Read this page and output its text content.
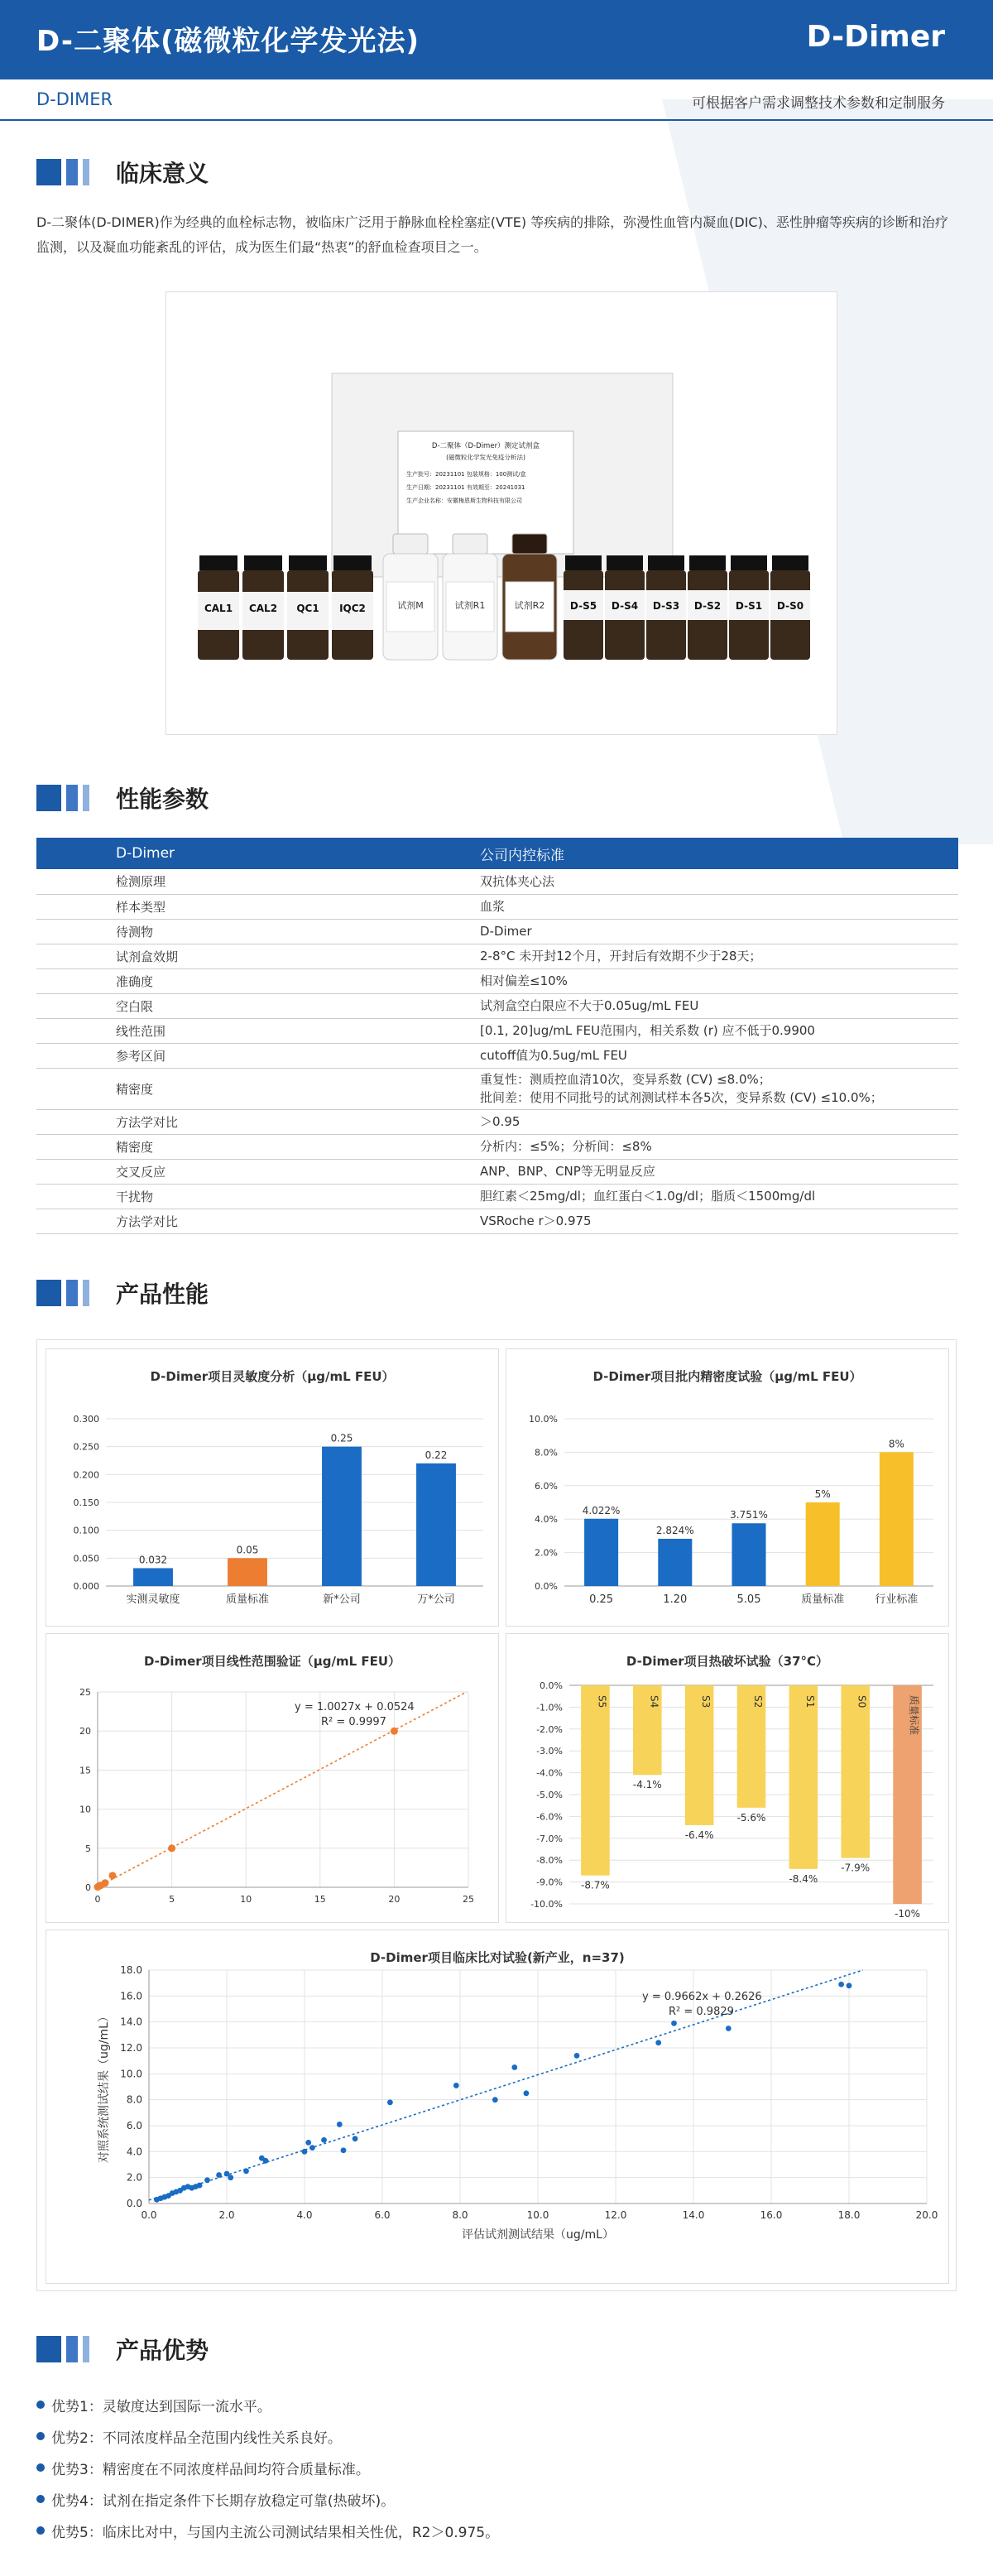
D-二聚体(磁微粒化学发光法)	D-Dimer
D-DIMER	可根据客户需求调整技术参数和定制服务
临床意义
D-二聚体(D-DIMER)作为经典的血栓标志物，被临床广泛用于静脉血栓栓塞症(VTE) 等疾病的排除，弥漫性血管内凝血(DIC)、恶性肿瘤等疾病的诊断和治疗监测，以及凝血功能紊乱的评估，成为医生们最“热衷”的舒血检查项目之一。
D-二聚体（D-Dimer）测定试剂盒
(磁微粒化学发光免疫分析法)
生产批号：20231101 包装规格：100测试/盒
生产日期：20231101 有效期至：20241031
生产企业名称：安徽梅恩斯生物科技有限公司
CAL1 CAL2 QC1 IQC2	试剂M	试剂R1	试剂R2	D-S5 D-S4 D-S3 D-S2 D-S1 D-S0
性能参数
D-Dimer	公司内控标准
检测原理	双抗体夹心法

样本类型	血浆

待测物	D-Dimer

试剂盒效期	2-8°C 未开封12个月，开封后有效期不少于28天；

准确度	相对偏差≤10%

空白限	试剂盒空白限应不大于0.05ug/mL FEU

线性范围	[0.1, 20]ug/mL FEU范围内，相关系数 (r) 应不低于0.9900

参考区间	cutoff值为0.5ug/mL FEU

精密度	重复性：测质控血清10次，变异系数 (CV) ≤8.0%；
批间差：使用不同批号的试剂测试样本各5次，变异系数 (CV) ≤10.0%；

方法学对比	＞0.95

精密度	分析内：≤5%；分析间：≤8%

交叉反应	ANP、BNP、CNP等无明显反应

干扰物	胆红素＜25mg/dl；血红蛋白＜1.0g/dl；脂质＜1500mg/dl

方法学对比	VSRoche r＞0.975
产品性能
D-Dimer项目灵敏度分析（μg/mL FEU）
0.000
0.050
0.100
0.150
0.200
0.250
0.300
0.032
实测灵敏度
0.05
质量标准
0.25
新*公司
0.22
万*公司
D-Dimer项目批内精密度试验（μg/mL FEU）
0.0%
2.0%
4.0%
6.0%
8.0%
10.0%
4.022%
0.25
2.824%
1.20
3.751%
5.05
5%
质量标准
8%
行业标准
D-Dimer项目线性范围验证（μg/mL FEU）
0
5
10
15
20
25
0	5	10	15	20	25
y = 1.0027x + 0.0524
R² = 0.9997
D-Dimer项目热破坏试验（37°C）
0.0%
-1.0%
-2.0%
-3.0%
-4.0%
-5.0%
-6.0%
-7.0%
-8.0%
-9.0%
-10.0%
S5
-8.7%
S4
-4.1%
S3
-6.4%
S2
-5.6%
S1
-8.4%
S0
-7.9%
质量标准
-10%
D-Dimer项目临床比对试验(新产业，n=37)
0.0
2.0
4.0
6.0
8.0
10.0
12.0
14.0
16.0
18.0
0.0	2.0	4.0	6.0	8.0	10.0	12.0	14.0	16.0	18.0	20.0
y = 0.9662x + 0.2626
R² = 0.9829
评估试剂测试结果（ug/mL）
对照系统测试结果（ug/mL）
产品优势
优势1：灵敏度达到国际一流水平。
优势2：不同浓度样品全范围内线性关系良好。
优势3：精密度在不同浓度样品间均符合质量标准。
优势4：试剂在指定条件下长期存放稳定可靠(热破坏)。
优势5：临床比对中，与国内主流公司测试结果相关性优，R2＞0.975。
